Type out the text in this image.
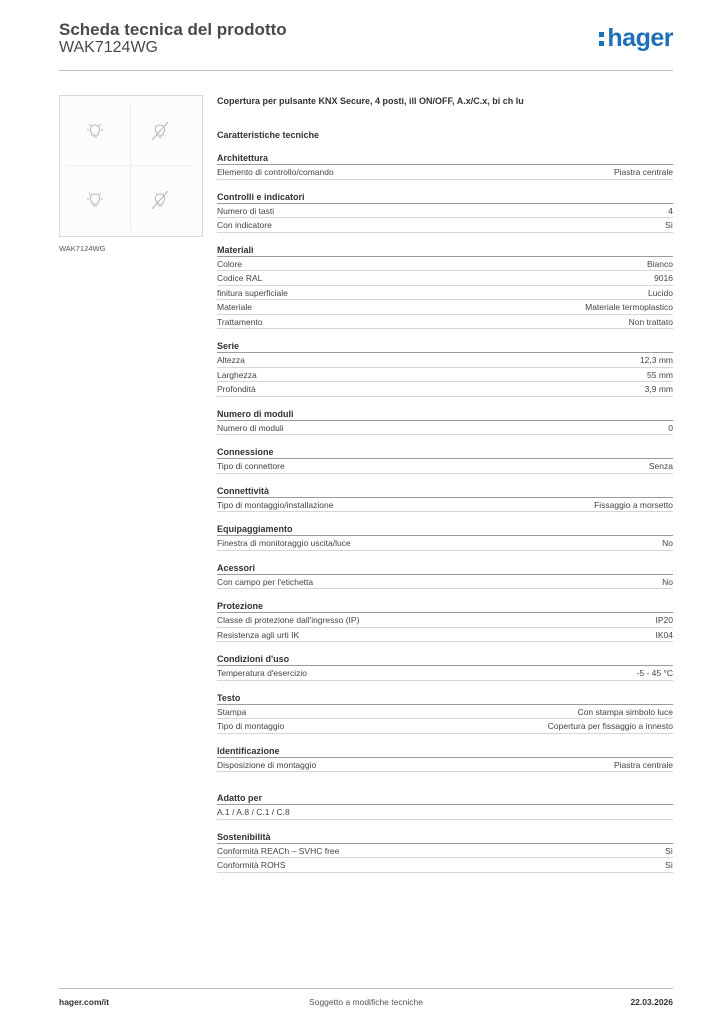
Scheda tecnica del prodotto
WAK7124WG	hager
WAK7124WG
Copertura per pulsante KNX Secure, 4 posti, ill ON/OFF, A.x/C.x, bi ch lu
Caratteristiche tecniche
Architettura
Elemento di controllo/comando	Piastra centrale
Controlli e indicatori
Numero di tasti	4
Con indicatore	Sì
Materiali
Colore	Bianco
Codice RAL	9016
finitura superficiale	Lucido
Materiale	Materiale termoplastico
Trattamento	Non trattato
Serie
Altezza	12,3 mm
Larghezza	55 mm
Profondità	3,9 mm
Numero di moduli
Numero di moduli	0
Connessione
Tipo di connettore	Senza
Connettività
Tipo di montaggio/installazione	Fissaggio a morsetto
Equipaggiamento
Finestra di monitoraggio uscita/luce	No
Acessori
Con campo per l'etichetta	No
Protezione
Classe di protezione dall'ingresso (IP)	IP20
Resistenza agli urti IK	IK04
Condizioni d'uso
Temperatura d'esercizio	-5 - 45 °C
Testo
Stampa	Con stampa simbolo luce
Tipo di montaggio	Copertura per fissaggio a innesto
Identificazione
Disposizione di montaggio	Piastra centrale
Adatto per
A.1 / A.8 / C.1 / C.8
Sostenibilità
Conformità REACh – SVHC free	Sì
Conformità ROHS	Sì
hager.com/it	Soggetto a modifiche tecniche	22.03.2026
